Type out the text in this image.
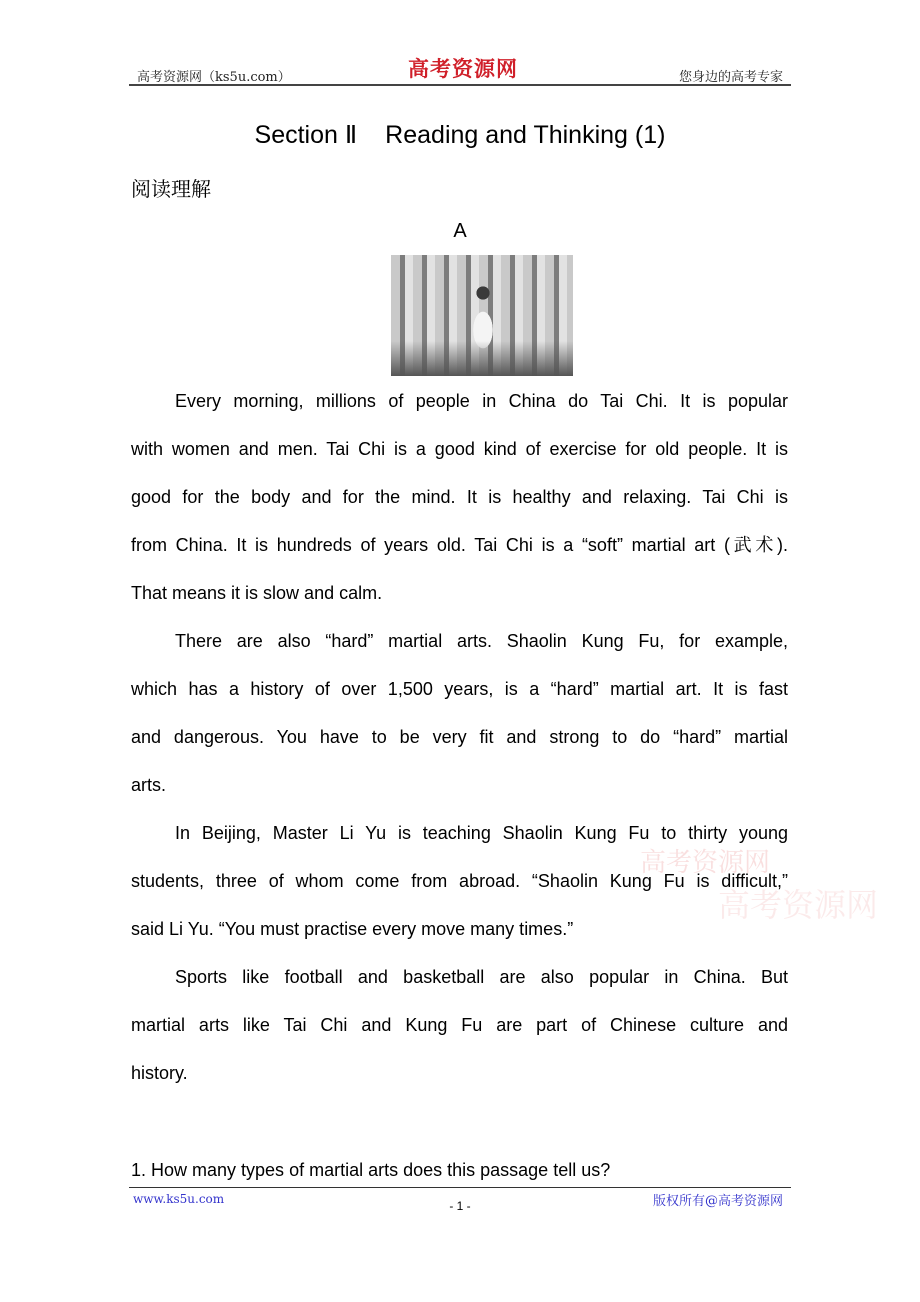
高考资源网（ks5u.com）	高考资源网	您身边的高考专家
Section Ⅱ Reading and Thinking (1)
阅读理解
A
Every morning, millions of people in China do Tai Chi. It is popular
with women and men. Tai Chi is a good kind of exercise for old people. It is
good for the body and for the mind. It is healthy and relaxing. Tai Chi is
from China. It is hundreds of years old. Tai Chi is a “soft” martial art (武术).
That means it is slow and calm.
There are also “hard” martial arts. Shaolin Kung Fu, for example,
which has a history of over 1,500 years, is a “hard” martial art. It is fast
and dangerous. You have to be very fit and strong to do “hard” martial
arts.
In Beijing, Master Li Yu is teaching Shaolin Kung Fu to thirty young
students, three of whom come from abroad. “Shaolin Kung Fu is difficult,”
said Li Yu. “You must practise every move many times.”
Sports like football and basketball are also popular in China. But
martial arts like Tai Chi and Kung Fu are part of Chinese culture and
history.
高考资源网
高考资源网
1. How many types of martial arts does this passage tell us?
www.ks5u.com	- 1 -	版权所有@高考资源网
